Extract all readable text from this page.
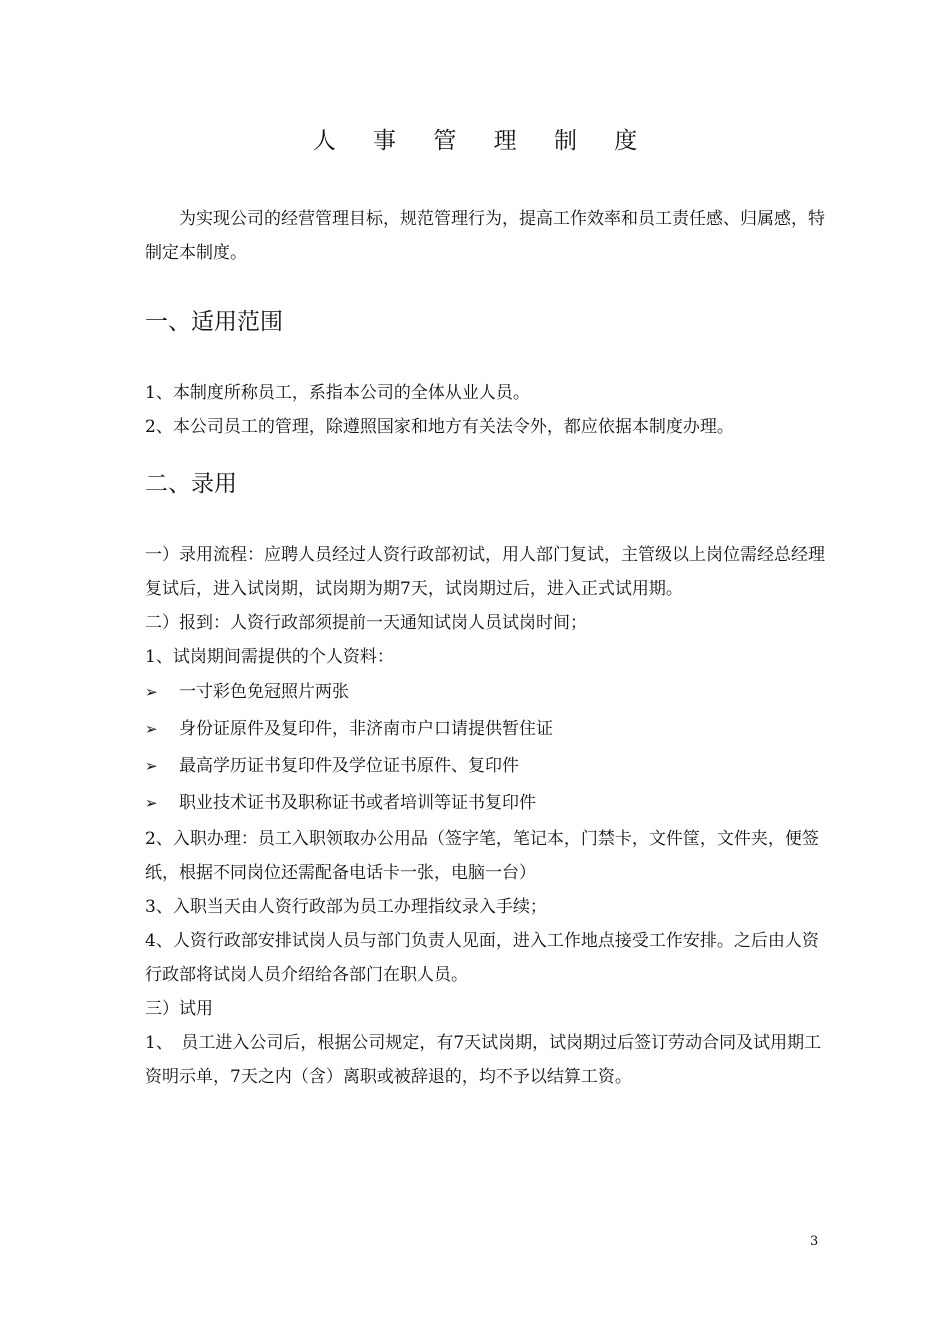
人 事 管 理 制 度

为实现公司的经营管理目标，规范管理行为，提高工作效率和员工责任感、归属感，特制定本制度。

一、适用范围

1、本制度所称员工，系指本公司的全体从业人员。

2、本公司员工的管理，除遵照国家和地方有关法令外，都应依据本制度办理。

二、录用

一）录用流程：应聘人员经过人资行政部初试，用人部门复试，主管级以上岗位需经总经理复试后，进入试岗期，试岗期为期7天，试岗期过后，进入正式试用期。

二）报到：人资行政部须提前一天通知试岗人员试岗时间；

1、试岗期间需提供的个人资料：

➢	一寸彩色免冠照片两张
➢	身份证原件及复印件，非济南市户口请提供暂住证
➢	最高学历证书复印件及学位证书原件、复印件
➢	职业技术证书及职称证书或者培训等证书复印件

2、入职办理：员工入职领取办公用品（签字笔，笔记本，门禁卡，文件筐，文件夹，便签纸，根据不同岗位还需配备电话卡一张，电脑一台）

3、入职当天由人资行政部为员工办理指纹录入手续；

4、人资行政部安排试岗人员与部门负责人见面，进入工作地点接受工作安排。之后由人资行政部将试岗人员介绍给各部门在职人员。

三）试用

1、　员工进入公司后，根据公司规定，有7天试岗期，试岗期过后签订劳动合同及试用期工资明示单，7天之内（含）离职或被辞退的，均不予以结算工资。

3
